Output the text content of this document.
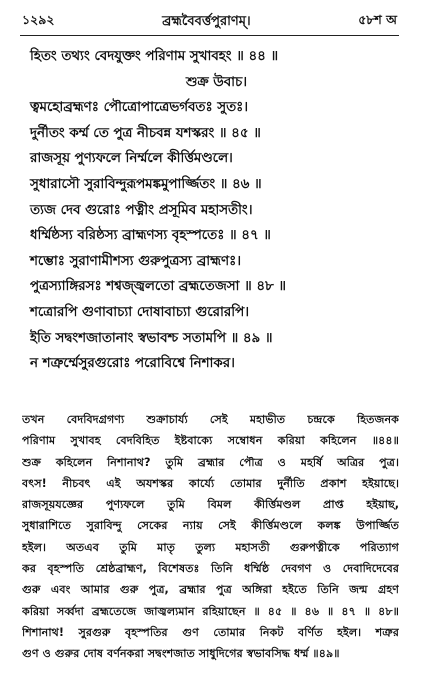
১২৯২	ব্রহ্মবৈবর্ত্তপুরাণম্।	৫৮শ অ
হিতং তথ্যং বেদযুক্তং পরিণাম সুখাবহং ॥ ৪৪ ॥
শুক্র উবাচ।
ত্বমহোব্রহ্মণঃ পৌত্রোপাত্রেভর্গবতঃ সুতঃ।
দুর্নীতং কর্ম্ম তে পুত্র নীচবন্ন যশস্করং ॥ ৪৫ ॥
রাজসূয় পুণ্যফলে নির্ম্মলে কীর্ত্তিমণ্ডলে।
সুধারাসৌ সুরাবিন্দুরূপমঙ্কমুপার্জ্জিতং ॥ ৪৬ ॥
ত্যজ দেব গুরোঃ পত্নীং প্রসূমিব মহাসতীং।
ধর্ম্মিষ্ঠস্য বরিষ্ঠস্য ব্রাহ্মণস্য বৃহস্পতেঃ ॥ ৪৭ ॥
শম্ভোঃ সুরাণামীশস্য গুরুপুত্রস্য ব্রাহ্মণঃ।
পুত্রস্যাঙ্গিরসঃ শশ্বজ্জ্বলতো ব্রহ্মতেজসা ॥ ৪৮ ॥
শত্রোরপি গুণাবাচ্যা দোষাবাচ্যা গুরোরপি।
ইতি সদ্বংশজাতানাং স্বভাবশ্চ সতামপি ॥ ৪৯ ॥
ন শত্রুর্ম্মেসুরগুরোঃ পরোবিশ্বে নিশাকর।
তখন বেদবিদগ্রগণ্য শুক্রাচার্য্য সেই মহাভীত চন্দ্রকে হিতজনক
পরিণাম সুখাবহ বেদবিহিত ইষ্টবাক্যে সম্বোধন করিয়া কহিলেন ॥৪৪॥
শুক্র কহিলেন নিশানাথ? তুমি ব্রহ্মার পৌত্র ও মহর্ষি অত্রির পুত্র।
বৎস! নীচবৎ এই অযশস্কর কার্য্যে তোমার দুর্নীতি প্রকাশ হইয়াছে।
রাজসূয়যজ্ঞের পুণ্যফলে তুমি বিমল কীর্ত্তিমণ্ডল প্রাপ্ত হইয়াছ,
সুধারাশিতে সুরাবিন্দু সেকের ন্যায় সেই কীর্ত্তিমণ্ডলে কলঙ্ক উপার্জ্জিত
হইল। অতএব তুমি মাতৃ তুল্য মহাসতী গুরুপত্নীকে পরিত্যাগ
কর বৃহস্পতি শ্রেষ্ঠব্রাহ্মণ, বিশেষতঃ তিনি ধর্ম্মিষ্ঠ দেবগণ ও দেবাদিদেবের
গুরু এবং আমার গুরু পুত্র, ব্রহ্মার পুত্র অঙ্গিরা হইতে তিনি জন্ম গ্রহণ
করিয়া সর্ব্বদা ব্রহ্মতেজে জাজ্বল্যমান রহিয়াছেন ॥ ৪৫ ॥ ৪৬ ॥ ৪৭ ॥ ৪৮॥
শিশানাথ! সুরগুরু বৃহস্পতির গুণ তোমার নিকট বর্ণিত হইল। শত্রুর
গুণ ও গুরুর দোষ বর্ণনকরা সদ্বংশজাত সাধুদিগের স্বভাবসিদ্ধ ধর্ম্ম ॥৪৯॥
